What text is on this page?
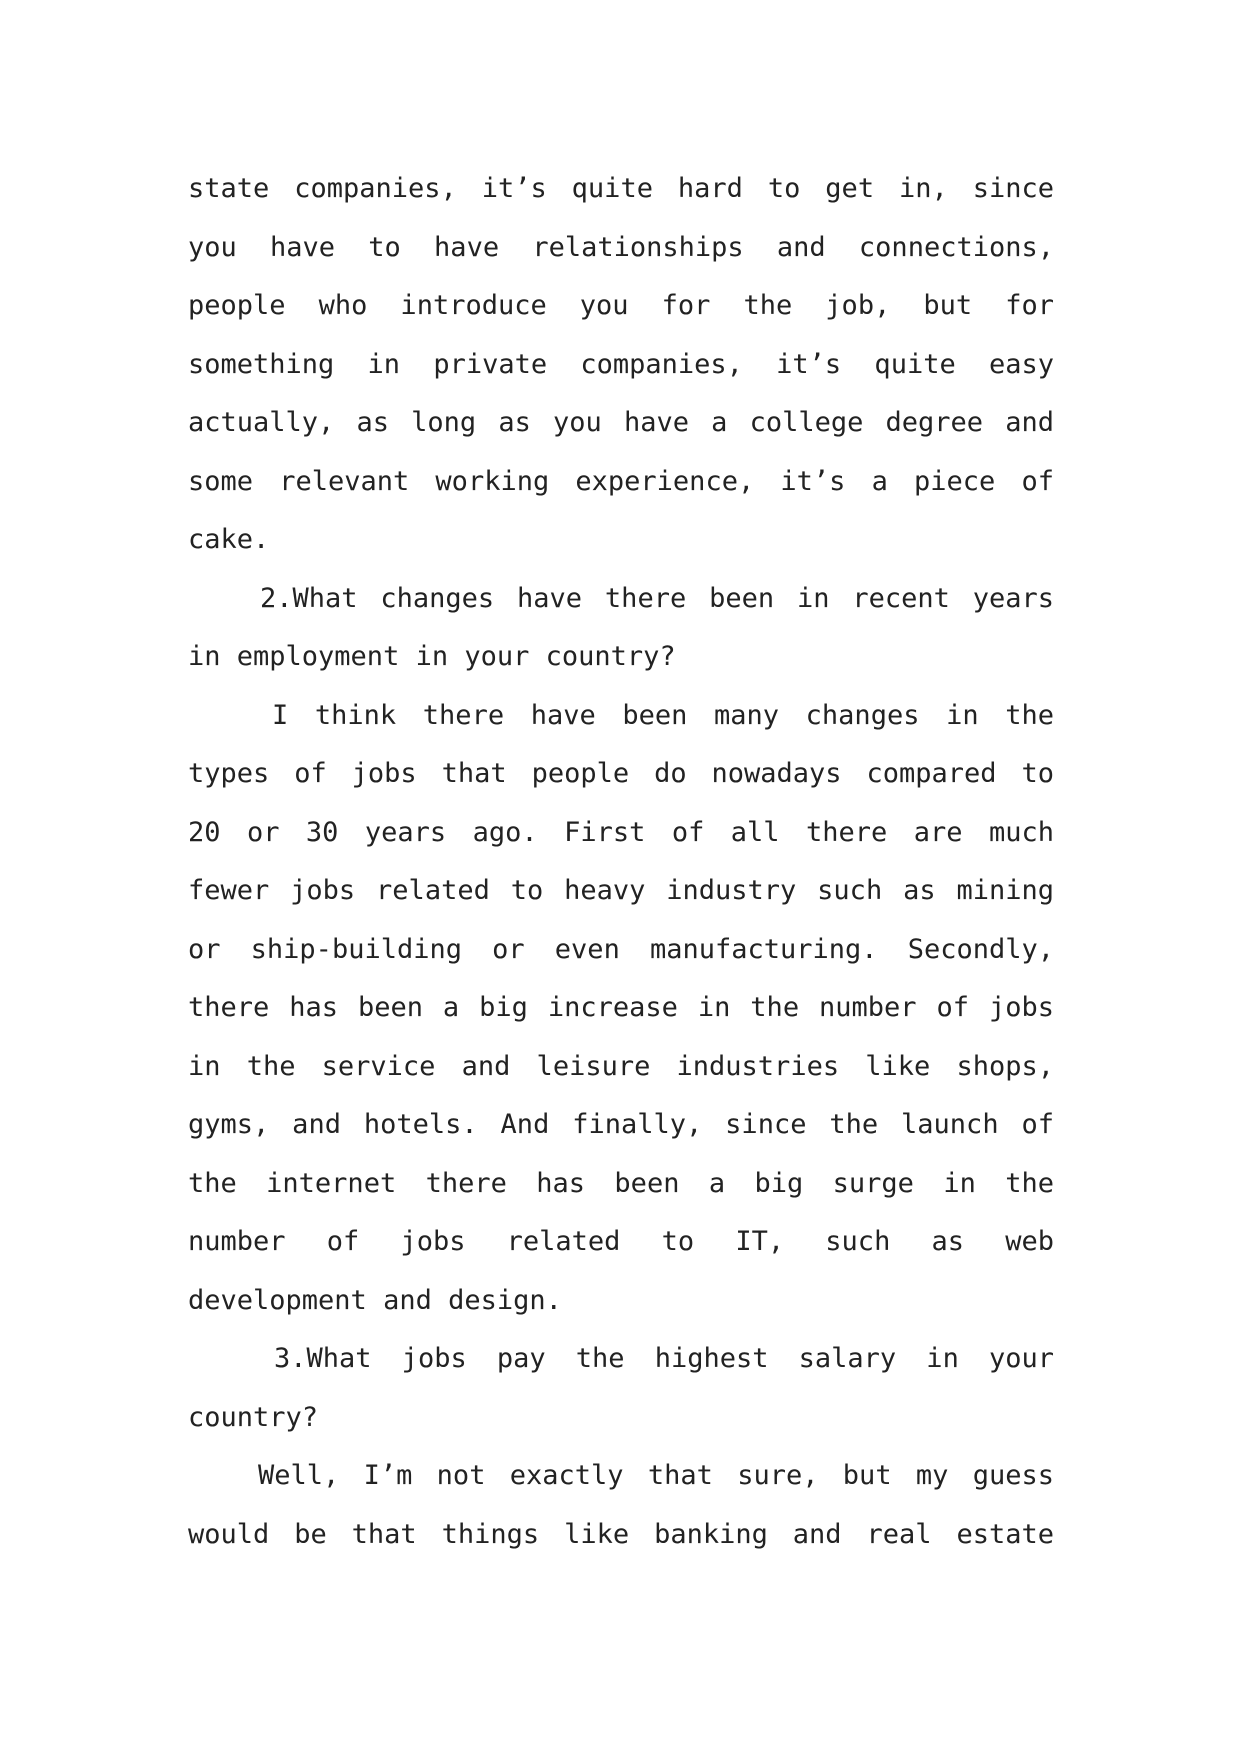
state companies, it’s quite hard to get in, since
you have to have relationships and connections,
people who introduce you for the job, but for
something in private companies, it’s quite easy
actually, as long as you have a college degree and
some relevant working experience, it’s a piece of
cake.
2.What changes have there been in recent years
in employment in your country?
I think there have been many changes in the
types of jobs that people do nowadays compared to
20 or 30 years ago. First of all there are much
fewer jobs related to heavy industry such as mining
or ship-building or even manufacturing. Secondly,
there has been a big increase in the number of jobs
in the service and leisure industries like shops,
gyms, and hotels. And finally, since the launch of
the internet there has been a big surge in the
number of jobs related to IT, such as web
development and design.
3.What jobs pay the highest salary in your
country?
Well, I’m not exactly that sure, but my guess
would be that things like banking and real estate
